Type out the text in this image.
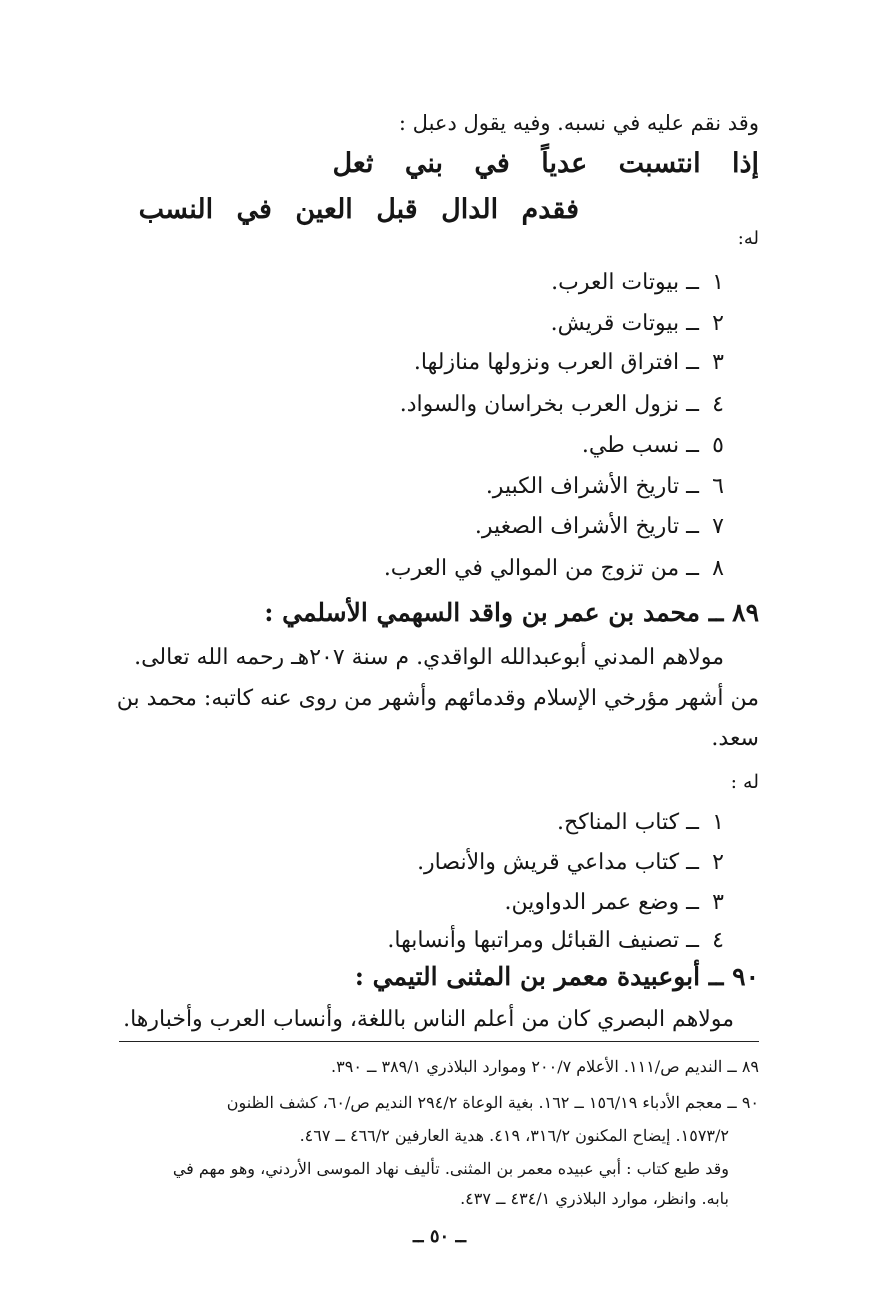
وقد نقم عليه في نسبه. وفيه يقول دعبل :
إذا انتسبت عدياً في بني ثعل
فقدم الدال قبل العين في النسب
له:
١ ــ بيوتات العرب.
٢ ــ بيوتات قريش.
٣ ــ افتراق العرب ونزولها منازلها.
٤ ــ نزول العرب بخراسان والسواد.
٥ ــ نسب طي.
٦ ــ تاريخ الأشراف الكبير.
٧ ــ تاريخ الأشراف الصغير.
٨ ــ من تزوج من الموالي في العرب.
٨٩ ــ محمد بن عمر بن واقد السهمي الأسلمي :
مولاهم المدني أبوعبدالله الواقدي. م سنة ٢٠٧هـ رحمه الله تعالى.
من أشهر مؤرخي الإسلام وقدمائهم وأشهر من روى عنه كاتبه: محمد بن
سعد.
له :
١ ــ كتاب المناكح.
٢ ــ كتاب مداعي قريش والأنصار.
٣ ــ وضع عمر الدواوين.
٤ ــ تصنيف القبائل ومراتبها وأنسابها.
٩٠ ــ أبوعبيدة معمر بن المثنى التيمي :
مولاهم البصري كان من أعلم الناس باللغة، وأنساب العرب وأخبارها.
٨٩ ــ النديم ص/١١١. الأعلام ٢٠٠/٧ وموارد البلاذري ٣٨٩/١ ــ ٣٩٠.
٩٠ ــ معجم الأدباء ١٥٦/١٩ ــ ١٦٢. بغية الوعاة ٢٩٤/٢ النديم ص/٦٠، كشف الظنون
١٥٧٣/٢. إيضاح المكنون ٣١٦/٢، ٤١٩. هدية العارفين ٤٦٦/٢ ــ ٤٦٧.
وقد طبع كتاب : أبي عبيده معمر بن المثنى. تأليف نهاد الموسى الأردني، وهو مهم في
بابه. وانظر، موارد البلاذري ٤٣٤/١ ــ ٤٣٧.
ــ ٥٠ ــ
